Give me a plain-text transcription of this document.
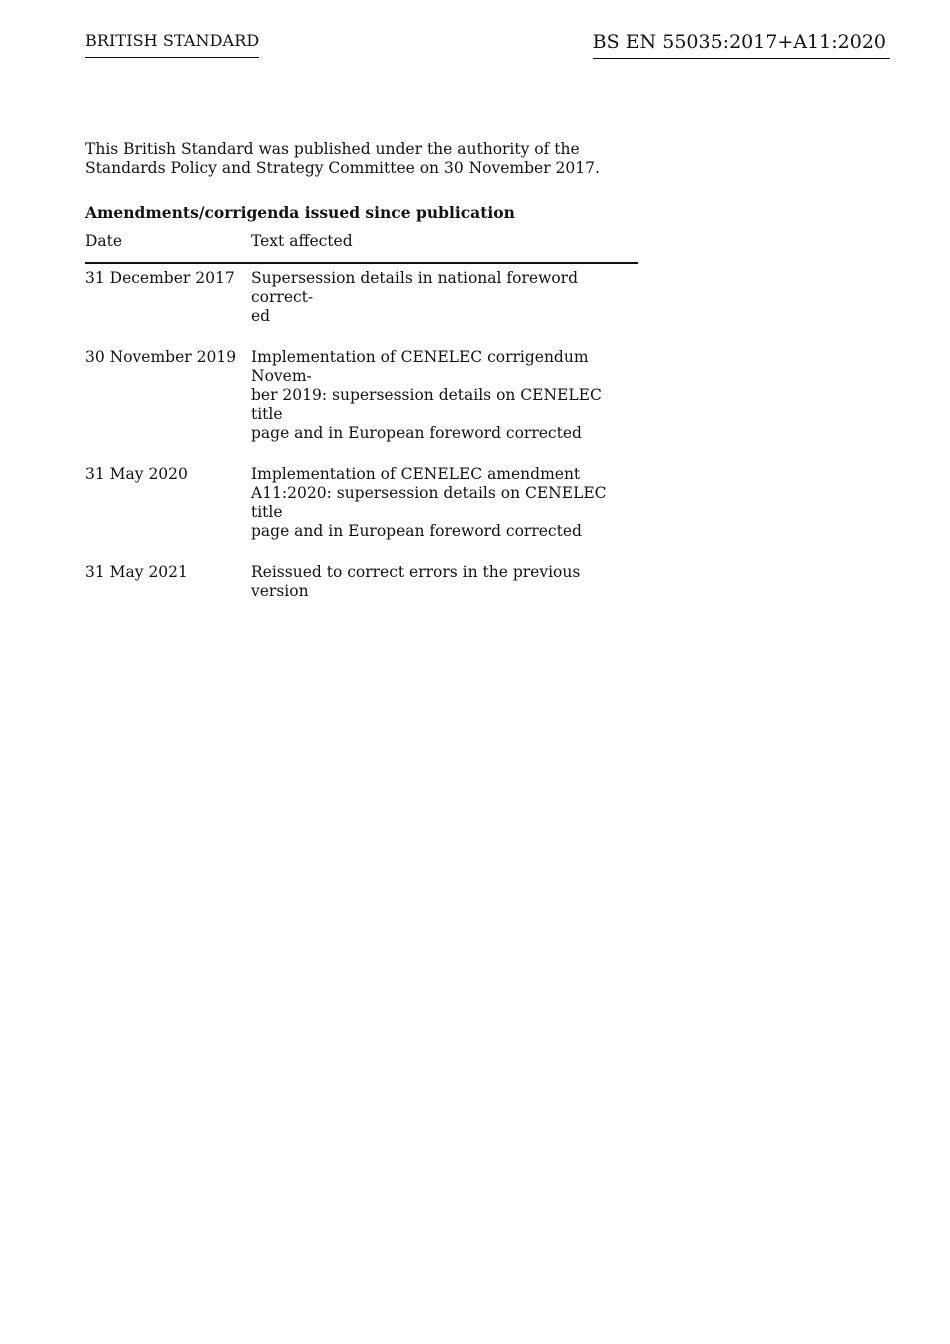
BRITISH STANDARD	BS EN 55035:2017+A11:2020

This British Standard was published under the authority of the
Standards Policy and Strategy Committee on 30 November 2017.

Amendments/corrigenda issued since publication
Date	Text affected
31 December 2017	Supersession details in national foreword correct-
ed
30 November 2019	Implementation of CENELEC corrigendum Novem-
ber 2019: supersession details on CENELEC title
page and in European foreword corrected
31 May 2020	Implementation of CENELEC amendment
A11:2020: supersession details on CENELEC title
page and in European foreword corrected
31 May 2021	Reissued to correct errors in the previous version
